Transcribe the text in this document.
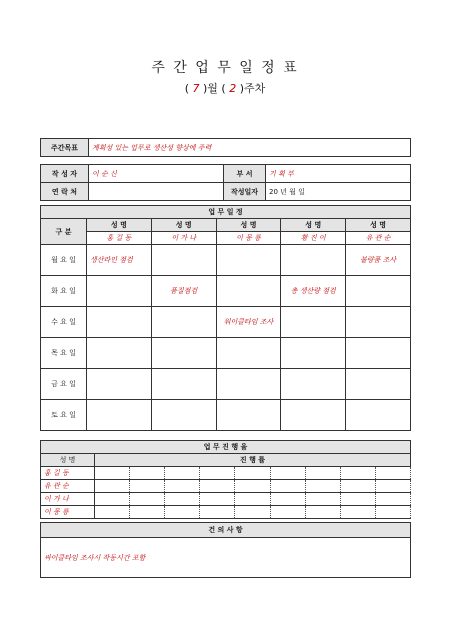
주 간 업 무 일 정 표
( 7 )월 ( 2 )주차
주간목표	계획성 있는 업무로 생산성 향상에 주력
작 성 자	이 순 신	부 서	기 획 부
연 락 처		작성일자	20 년 월 일
업 무 일 정					
구 분	성 명	성 명	성 명	성 명	성 명
	홍 길 동	이 가 나	이 몽 룡	황 진 이	유 관 순
월 요 일	생산라인 점검				불량품 조사
화 요 일		품질점검		총 생산량 점검	
수 요 일			워이클타임 조사		
목 요 일					
금 요 일					
토 요 일					
업 무 진 행 율									
성 명	진 행 률								
홍 길 동									
유 관 순									
이 가 나									
이 몽 룡									
건 의 사 항
싸이클타임 조사시 작동시간 포함
